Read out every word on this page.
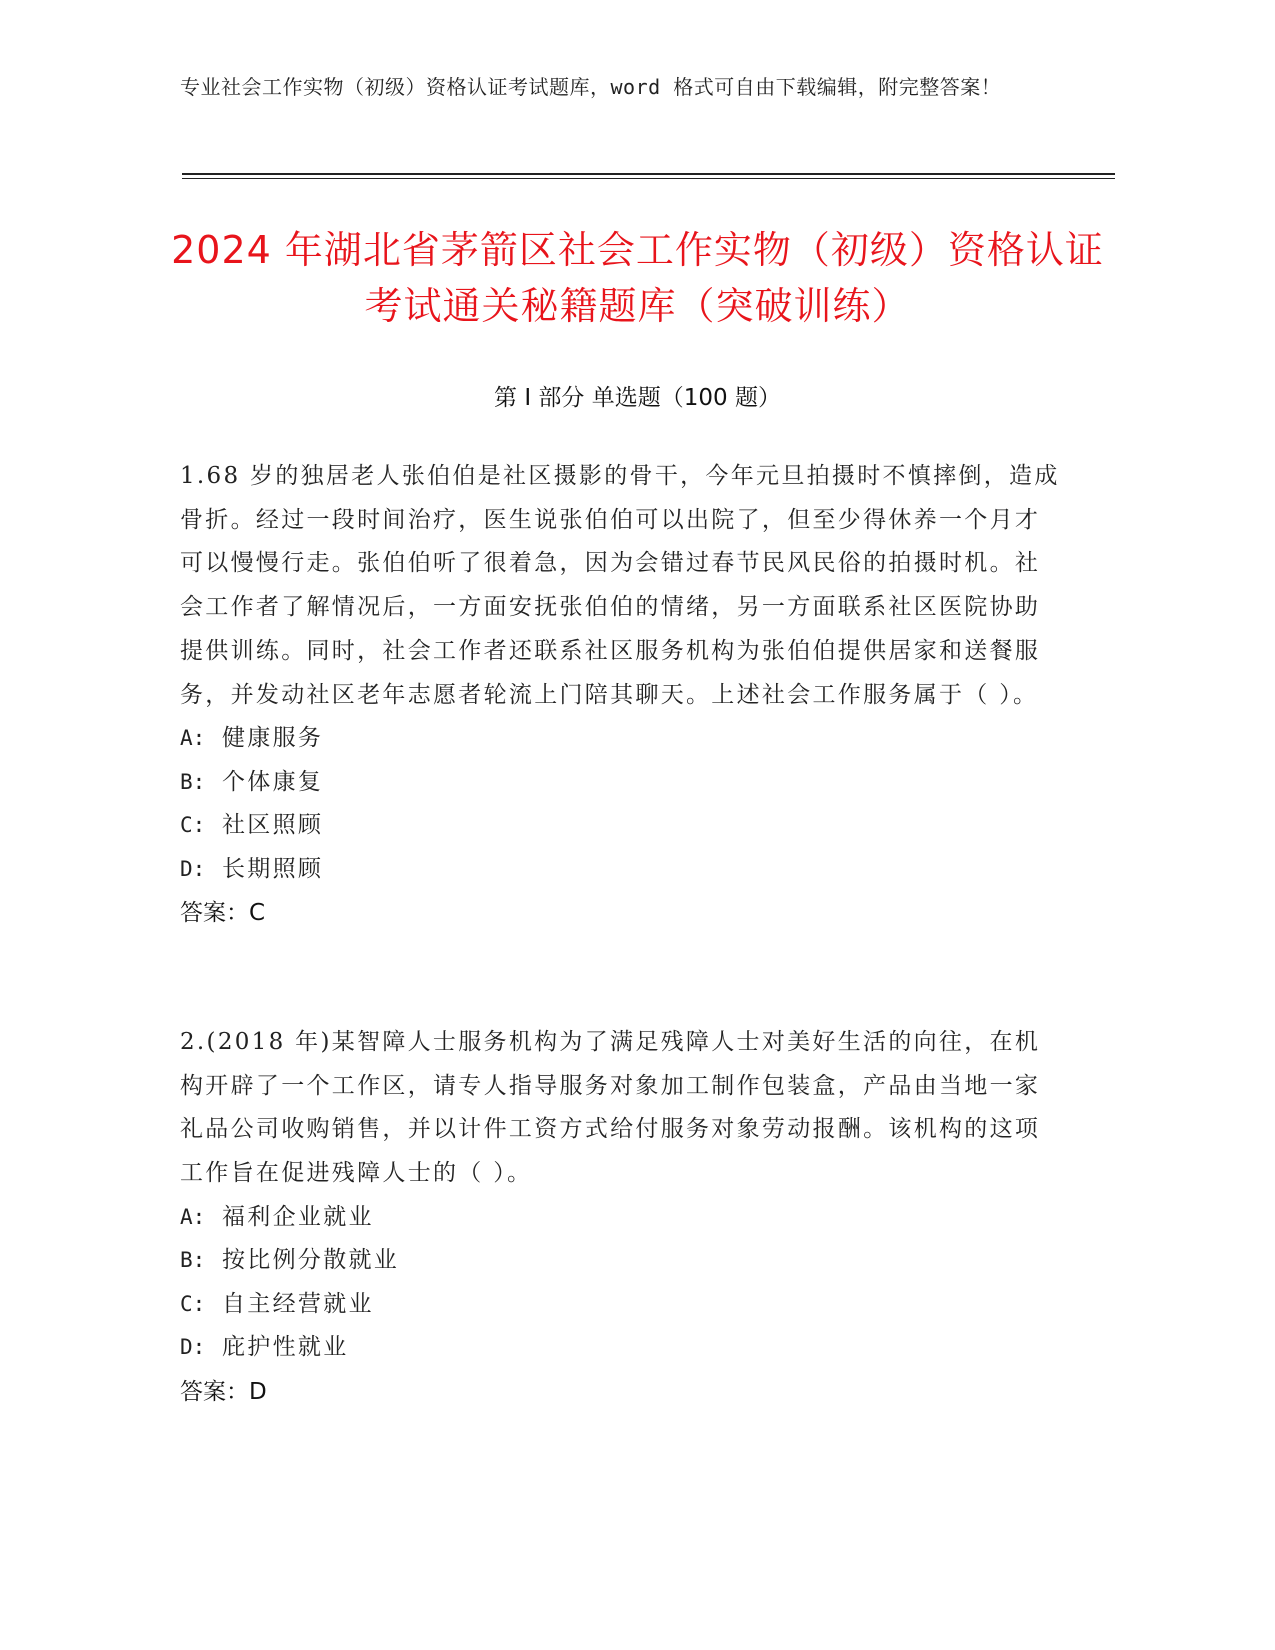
专业社会工作实物（初级）资格认证考试题库，word 格式可自由下载编辑，附完整答案！
2024 年湖北省茅箭区社会工作实物（初级）资格认证考试通关秘籍题库（突破训练）
第 I 部分 单选题（100 题）

1.68 岁的独居老人张伯伯是社区摄影的骨干，今年元旦拍摄时不慎摔倒，造成骨折。经过一段时间治疗，医生说张伯伯可以出院了，但至少得休养一个月才可以慢慢行走。张伯伯听了很着急，因为会错过春节民风民俗的拍摄时机。社会工作者了解情况后，一方面安抚张伯伯的情绪，另一方面联系社区医院协助提供训练。同时，社会工作者还联系社区服务机构为张伯伯提供居家和送餐服务，并发动社区老年志愿者轮流上门陪其聊天。上述社会工作服务属于（ ）。

A: 健康服务

B: 个体康复

C: 社区照顾

D: 长期照顾

答案：C

2.(2018 年)某智障人士服务机构为了满足残障人士对美好生活的向往，在机构开辟了一个工作区，请专人指导服务对象加工制作包装盒，产品由当地一家礼品公司收购销售，并以计件工资方式给付服务对象劳动报酬。该机构的这项工作旨在促进残障人士的（ ）。

A: 福利企业就业

B: 按比例分散就业

C: 自主经营就业

D: 庇护性就业

答案：D
